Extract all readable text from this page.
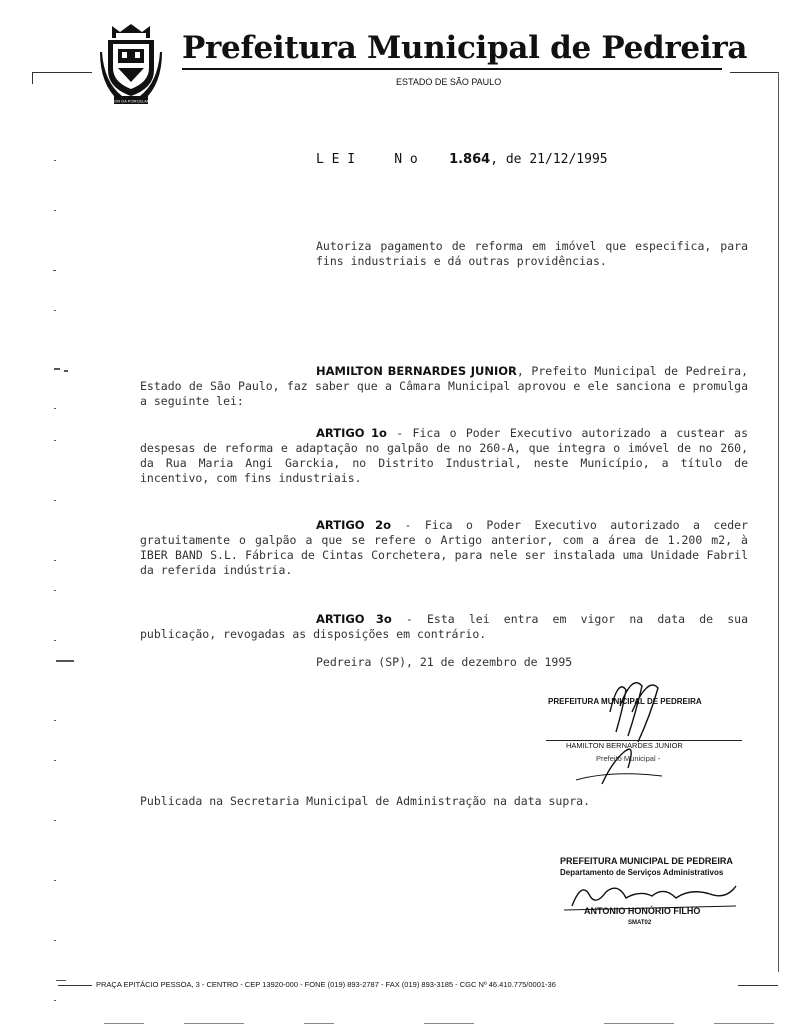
FLOR DA PORCELANA
Prefeitura Municipal de Pedreira
ESTADO DE SÃO PAULO
L E I	N o 1.864, de 21/12/1995
Autoriza pagamento de reforma em imóvel que especifica, para fins industriais e dá outras providências.
HAMILTON BERNARDES JUNIOR, Prefeito Municipal de Pedreira, Estado de São Paulo, faz saber que a Câmara Municipal aprovou e ele sanciona e promulga a seguinte lei:
ARTIGO 1o - Fica o Poder Executivo autorizado a custear as despesas de reforma e adaptação no galpão de no 260-A, que integra o imóvel de no 260, da Rua Maria Angi Garckia, no Distrito Industrial, neste Município, a título de incentivo, com fins industriais.
ARTIGO 2o - Fica o Poder Executivo autorizado a ceder gratuitamente o galpão a que se refere o Artigo anterior, com a área de 1.200 m2, à IBER BAND S.L. Fábrica de Cintas Corchetera, para nele ser instalada uma Unidade Fabril da referida indústria.
ARTIGO 3o - Esta lei entra em vigor na data de sua publicação, revogadas as disposições em contrário.
Pedreira (SP), 21 de dezembro de 1995
PREFEITURA MUNICIPAL DE PEDREIRA
HAMILTON BERNARDES JUNIOR
Prefeito Municipal -
Publicada na Secretaria Municipal de Administração na data supra.
PREFEITURA MUNICIPAL DE PEDREIRA
Departamento de Serviços Administrativos
ANTONIO HONÓRIO FILHO
SMAT02
PRAÇA EPITÁCIO PESSOA, 3 - CENTRO - CEP 13920-000 - FONE (019) 893-2787 - FAX (019) 893-3185 - CGC Nº 46.410.775/0001-36
